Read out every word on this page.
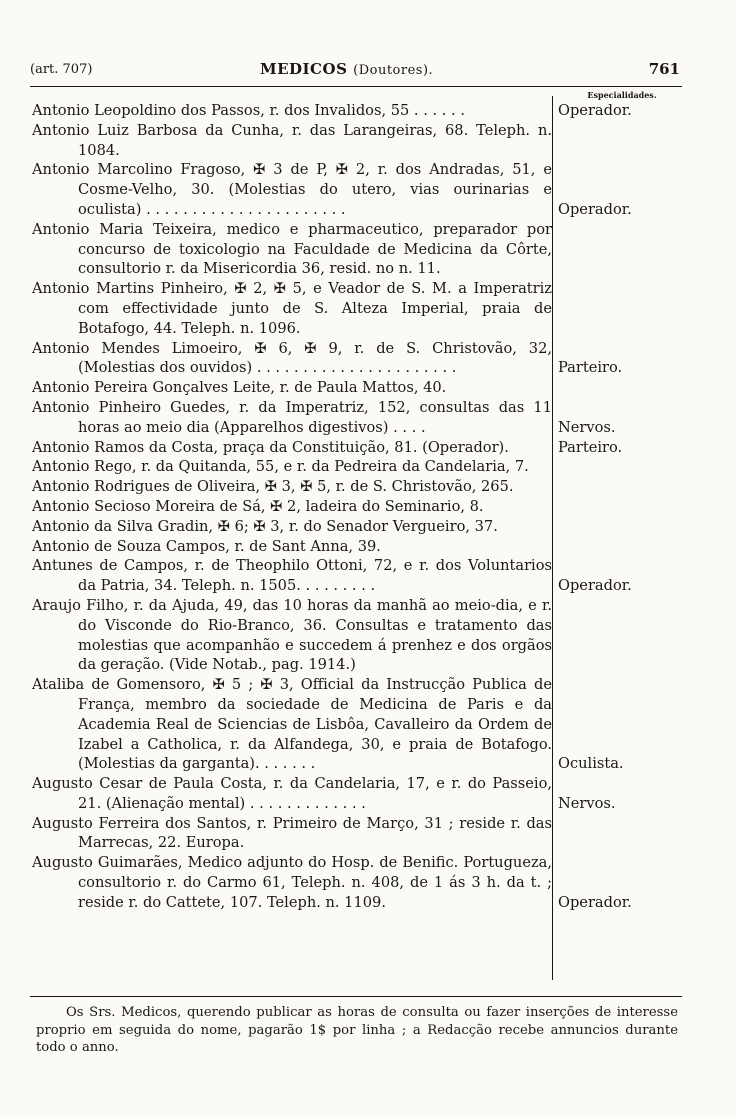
(art. 707)	MEDICOS (Doutores).	761
Especialidades.
Antonio Leopoldino dos Passos, r. dos Invalidos, 55 . . . . . .	Operador.
Antonio Luiz Barbosa da Cunha, r. das Larangeiras, 68. Teleph. n. 1084.
Antonio Marcolino Fragoso, ✠ 3 de P, ✠ 2, r. dos Andradas, 51, e Cosme-Velho, 30. (Molestias do utero, vias ourinarias e oculista) . . . . . . . . . . . . . . . . . . . . . .	Operador.
Antonio Maria Teixeira, medico e pharmaceutico, preparador por concurso de toxicologio na Faculdade de Medicina da Côrte, consultorio r. da Misericordia 36, resid. no n. 11.
Antonio Martins Pinheiro, ✠ 2, ✠ 5, e Veador de S. M. a Imperatriz com effectividade junto de S. Alteza Imperial, praia de Botafogo, 44. Teleph. n. 1096.
Antonio Mendes Limoeiro, ✠ 6, ✠ 9, r. de S. Christovão, 32, (Molestias dos ouvidos) . . . . . . . . . . . . . . . . . . . . . .	Parteiro.
Antonio Pereira Gonçalves Leite, r. de Paula Mattos, 40.
Antonio Pinheiro Guedes, r. da Imperatriz, 152, consultas das 11 horas ao meio dia (Apparelhos digestivos) . . . .	Nervos.
Antonio Ramos da Costa, praça da Constituição, 81. (Operador).	Parteiro.
Antonio Rego, r. da Quitanda, 55, e r. da Pedreira da Candelaria, 7.
Antonio Rodrigues de Oliveira, ✠ 3, ✠ 5, r. de S. Christovão, 265.
Antonio Secioso Moreira de Sá, ✠ 2, ladeira do Seminario, 8.
Antonio da Silva Gradin, ✠ 6; ✠ 3, r. do Senador Vergueiro, 37.
Antonio de Souza Campos, r. de Sant Anna, 39.
Antunes de Campos, r. de Theophilo Ottoni, 72, e r. dos Voluntarios da Patria, 34. Teleph. n. 1505. . . . . . . . .	Operador.
Araujo Filho, r. da Ajuda, 49, das 10 horas da manhã ao meio-dia, e r. do Visconde do Rio-Branco, 36. Consultas e tratamento das molestias que acompanhão e succedem á prenhez e dos orgãos da geração. (Vide Notab., pag. 1914.)
Ataliba de Gomensoro, ✠ 5 ; ✠ 3, Official da Instrucção Publica de França, membro da sociedade de Medicina de Paris e da Academia Real de Sciencias de Lisbôa, Cavalleiro da Ordem de Izabel a Catholica, r. da Alfandega, 30, e praia de Botafogo. (Molestias da garganta). . . . . . .	Oculista.
Augusto Cesar de Paula Costa, r. da Candelaria, 17, e r. do Passeio, 21. (Alienação mental) . . . . . . . . . . . . .	Nervos.
Augusto Ferreira dos Santos, r. Primeiro de Março, 31 ; reside r. das Marrecas, 22. Europa.
Augusto Guimarães, Medico adjunto do Hosp. de Benific. Portugueza, consultorio r. do Carmo 61, Teleph. n. 408, de 1 ás 3 h. da t. ; reside r. do Cattete, 107. Teleph. n. 1109.	Operador.
Os Srs. Medicos, querendo publicar as horas de consulta ou fazer inserções de interesse proprio em seguida do nome, pagarão 1$ por linha ; a Redacção recebe annuncios durante todo o anno.
